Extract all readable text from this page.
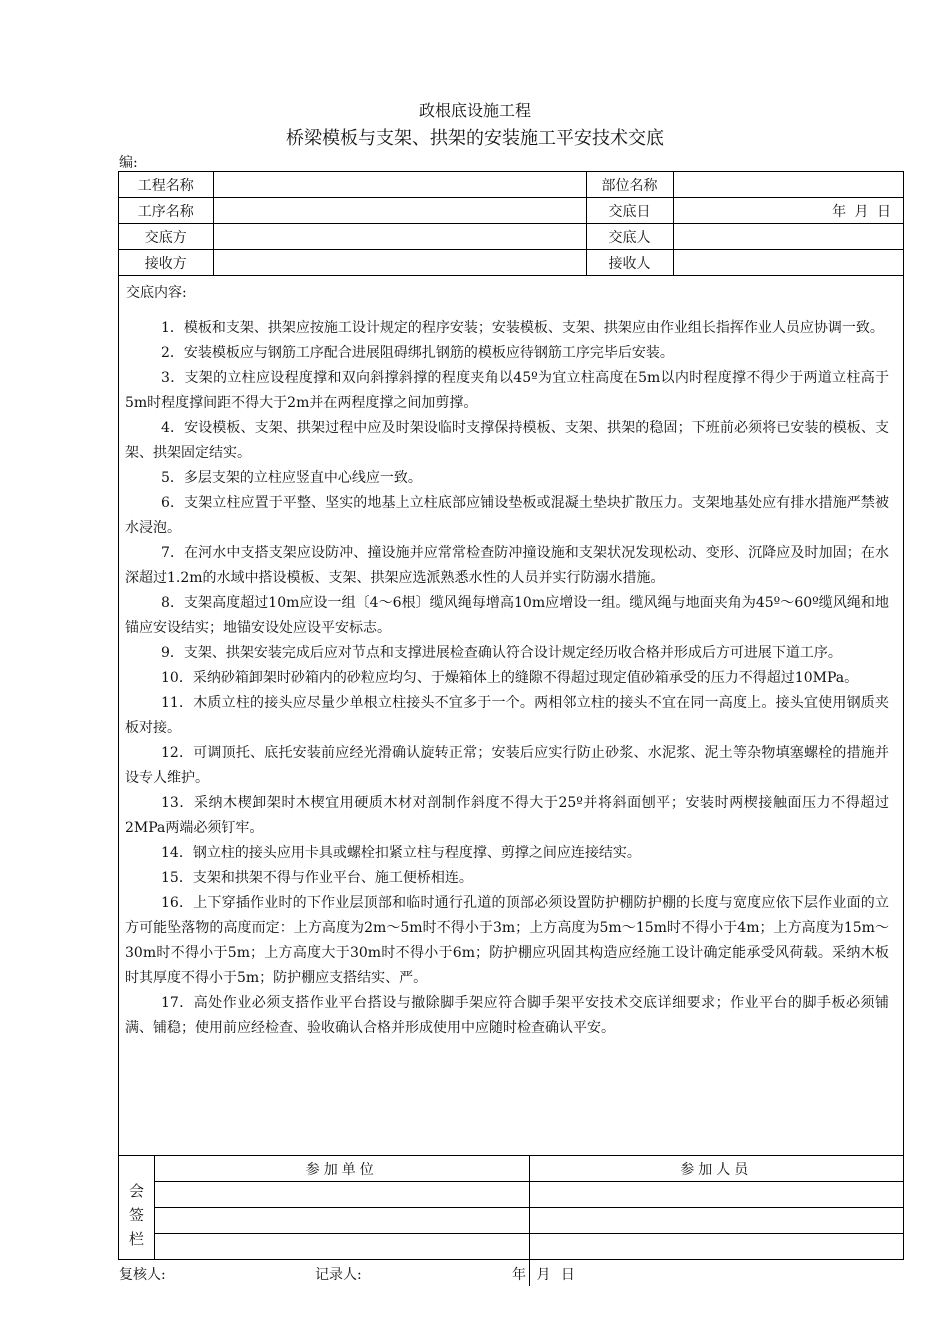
政根底设施工程
桥梁模板与支架、拱架的安装施工平安技术交底
编:
工程名称		部位名称	
工序名称		交底日	年 月 日
交底方		交底人	
接收方		接收人	
交底内容:

1．模板和支架、拱架应按施工设计规定的程序安装；安装模板、支架、拱架应由作业组长指挥作业人员应协调一致。

2．安装模板应与钢筋工序配合进展阻碍绑扎钢筋的模板应待钢筋工序完毕后安装。

3．支架的立柱应设程度撑和双向斜撑斜撑的程度夹角以45º为宜立柱高度在5m以内时程度撑不得少于两道立柱高于5m时程度撑间距不得大于2m并在两程度撑之间加剪撑。

4．安设模板、支架、拱架过程中应及时架设临时支撑保持模板、支架、拱架的稳固；下班前必须将已安装的模板、支架、拱架固定结实。

5．多层支架的立柱应竖直中心线应一致。

6．支架立柱应置于平整、坚实的地基上立柱底部应铺设垫板或混凝土垫块扩散压力。支架地基处应有排水措施严禁被水浸泡。

7．在河水中支搭支架应设防冲、撞设施并应常常检查防冲撞设施和支架状况发现松动、变形、沉降应及时加固；在水深超过1.2m的水域中搭设模板、支架、拱架应选派熟悉水性的人员并实行防溺水措施。

8．支架高度超过10m应设一组〔4～6根〕缆风绳每增高10m应增设一组。缆风绳与地面夹角为45º～60º缆风绳和地锚应安设结实；地锚安设处应设平安标志。

9．支架、拱架安装完成后应对节点和支撑进展检查确认符合设计规定经历收合格并形成后方可进展下道工序。

10．采纳砂箱卸架时砂箱内的砂粒应均匀、于燥箱体上的缝隙不得超过现定值砂箱承受的压力不得超过10MPa。

11．木质立柱的接头应尽量少单根立柱接头不宜多于一个。两相邻立柱的接头不宜在同一高度上。接头宜使用钢质夹板对接。

12．可调顶托、底托安装前应经光滑确认旋转正常；安装后应实行防止砂浆、水泥浆、泥土等杂物填塞螺栓的措施并设专人维护。

13．采纳木楔卸架时木楔宜用硬质木材对剖制作斜度不得大于25º并将斜面刨平；安装时两楔接触面压力不得超过2MPa两端必须钉牢。

14．钢立柱的接头应用卡具或螺栓扣紧立柱与程度撑、剪撑之间应连接结实。

15．支架和拱架不得与作业平台、施工便桥相连。

16．上下穿插作业时的下作业层顶部和临时通行孔道的顶部必须设置防护棚防护棚的长度与宽度应依下层作业面的立方可能坠落物的高度而定：上方高度为2m～5m时不得小于3m；上方高度为5m～15m时不得小于4m；上方高度为15m～30m时不得小于5m；上方高度大于30m时不得小于6m；防护棚应巩固其构造应经施工设计确定能承受风荷载。采纳木板时其厚度不得小于5m；防护棚应支搭结实、严。

17．高处作业必须支搭作业平台搭设与撤除脚手架应符合脚手架平安技术交底详细要求；作业平台的脚手板必须铺满、铺稳；使用前应经检查、验收确认合格并形成使用中应随时检查确认平安。

会
签
栏
参加单位	参加人员

复核人:	记录人:	年 月 日
